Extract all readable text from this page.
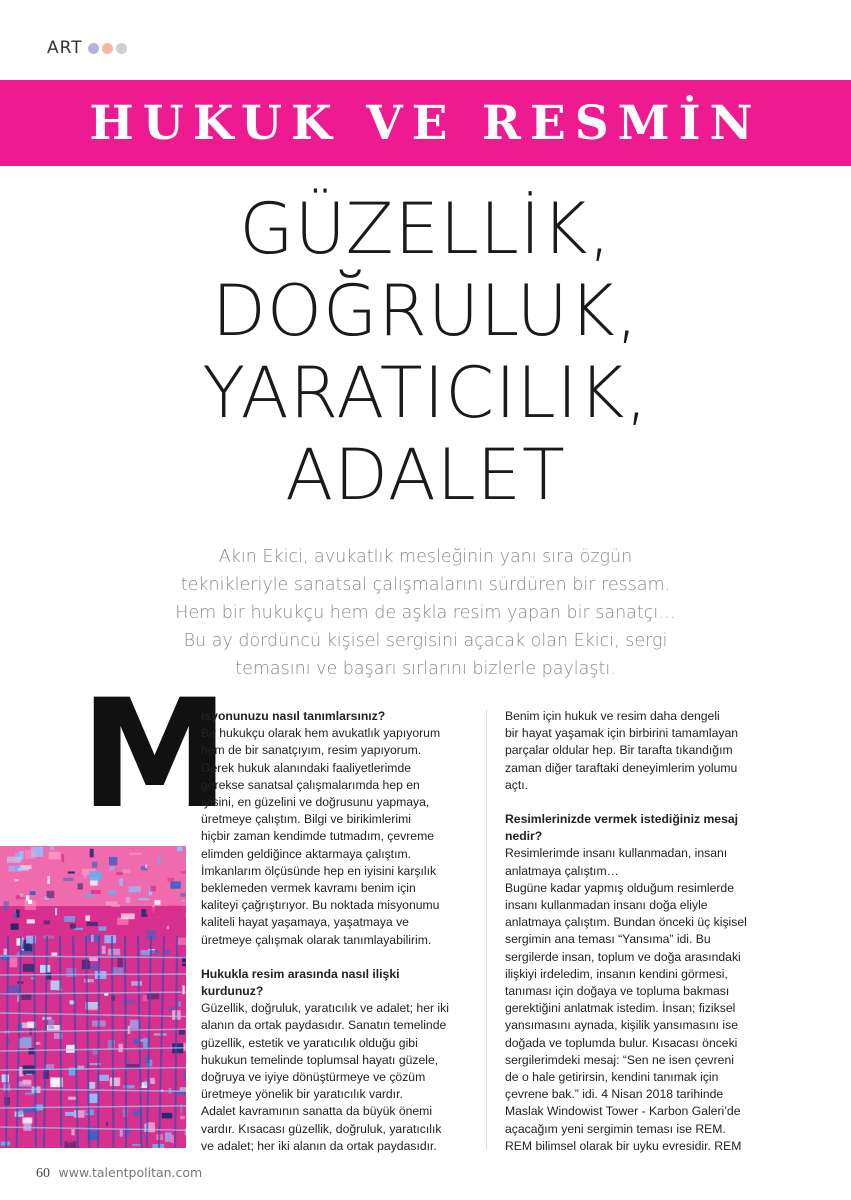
ART
HUKUK VE RESMİN
GÜZELLİK,
DOĞRULUK,
YARATICILIK,
ADALET
Akın Ekici, avukatlık mesleğinin yanı sıra özgün
teknikleriyle sanatsal çalışmalarını sürdüren bir ressam.
Hem bir hukukçu hem de aşkla resim yapan bir sanatçı…
Bu ay dördüncü kişisel sergisini açacak olan Ekici, sergi
temasını ve başarı sırlarını bizlerle paylaştı.
M

isyonunuzu nasıl tanımlarsınız?

Bir hukukçu olarak hem avukatlık yapıyorum

hem de bir sanatçıyım, resim yapıyorum.

Gerek hukuk alanındaki faaliyetlerimde

gerekse sanatsal çalışmalarımda hep en

iyisini, en güzelini ve doğrusunu yapmaya,

üretmeye çalıştım. Bilgi ve birikimlerimi

hiçbir zaman kendimde tutmadım, çevreme

elimden geldiğince aktarmaya çalıştım.

İmkanlarım ölçüsünde hep en iyisini karşılık

beklemeden vermek kavramı benim için

kaliteyi çağrıştırıyor. Bu noktada misyonumu

kaliteli hayat yaşamaya, yaşatmaya ve

üretmeye çalışmak olarak tanımlayabilirim.

Hukukla resim arasında nasıl ilişki

kurdunuz?

Güzellik, doğruluk, yaratıcılık ve adalet; her iki

alanın da ortak paydasıdır. Sanatın temelinde

güzellik, estetik ve yaratıcılık olduğu gibi

hukukun temelinde toplumsal hayatı güzele,

doğruya ve iyiye dönüştürmeye ve çözüm

üretmeye yönelik bir yaratıcılık vardır.

Adalet kavramının sanatta da büyük önemi

vardır. Kısacası güzellik, doğruluk, yaratıcılık

ve adalet; her iki alanın da ortak paydasıdır.

Benim için hukuk ve resim daha dengeli

bir hayat yaşamak için birbirini tamamlayan

parçalar oldular hep. Bir tarafta tıkandığım

zaman diğer taraftaki deneyimlerim yolumu

açtı.

Resimlerinizde vermek istediğiniz mesaj

nedir?

Resimlerimde insanı kullanmadan, insanı

anlatmaya çalıştım…

Bugüne kadar yapmış olduğum resimlerde

insanı kullanmadan insanı doğa eliyle

anlatmaya çalıştım. Bundan önceki üç kişisel

sergimin ana teması “Yansıma” idi. Bu

sergilerde insan, toplum ve doğa arasındaki

ilişkiyi irdeledim, insanın kendini görmesi,

tanıması için doğaya ve topluma bakması

gerektiğini anlatmak istedim. İnsan; fiziksel

yansımasını aynada, kişilik yansımasını ise

doğada ve toplumda bulur. Kısacası önceki

sergilerimdeki mesaj: “Sen ne isen çevreni

de o hale getirirsin, kendini tanımak için

çevrene bak.” idi. 4 Nisan 2018 tarihinde

Maslak Windowist Tower - Karbon Galeri’de

açacağım yeni sergimin teması ise REM.

REM bilimsel olarak bir uyku evresidir. REM

60 www.talentpolitan.com
